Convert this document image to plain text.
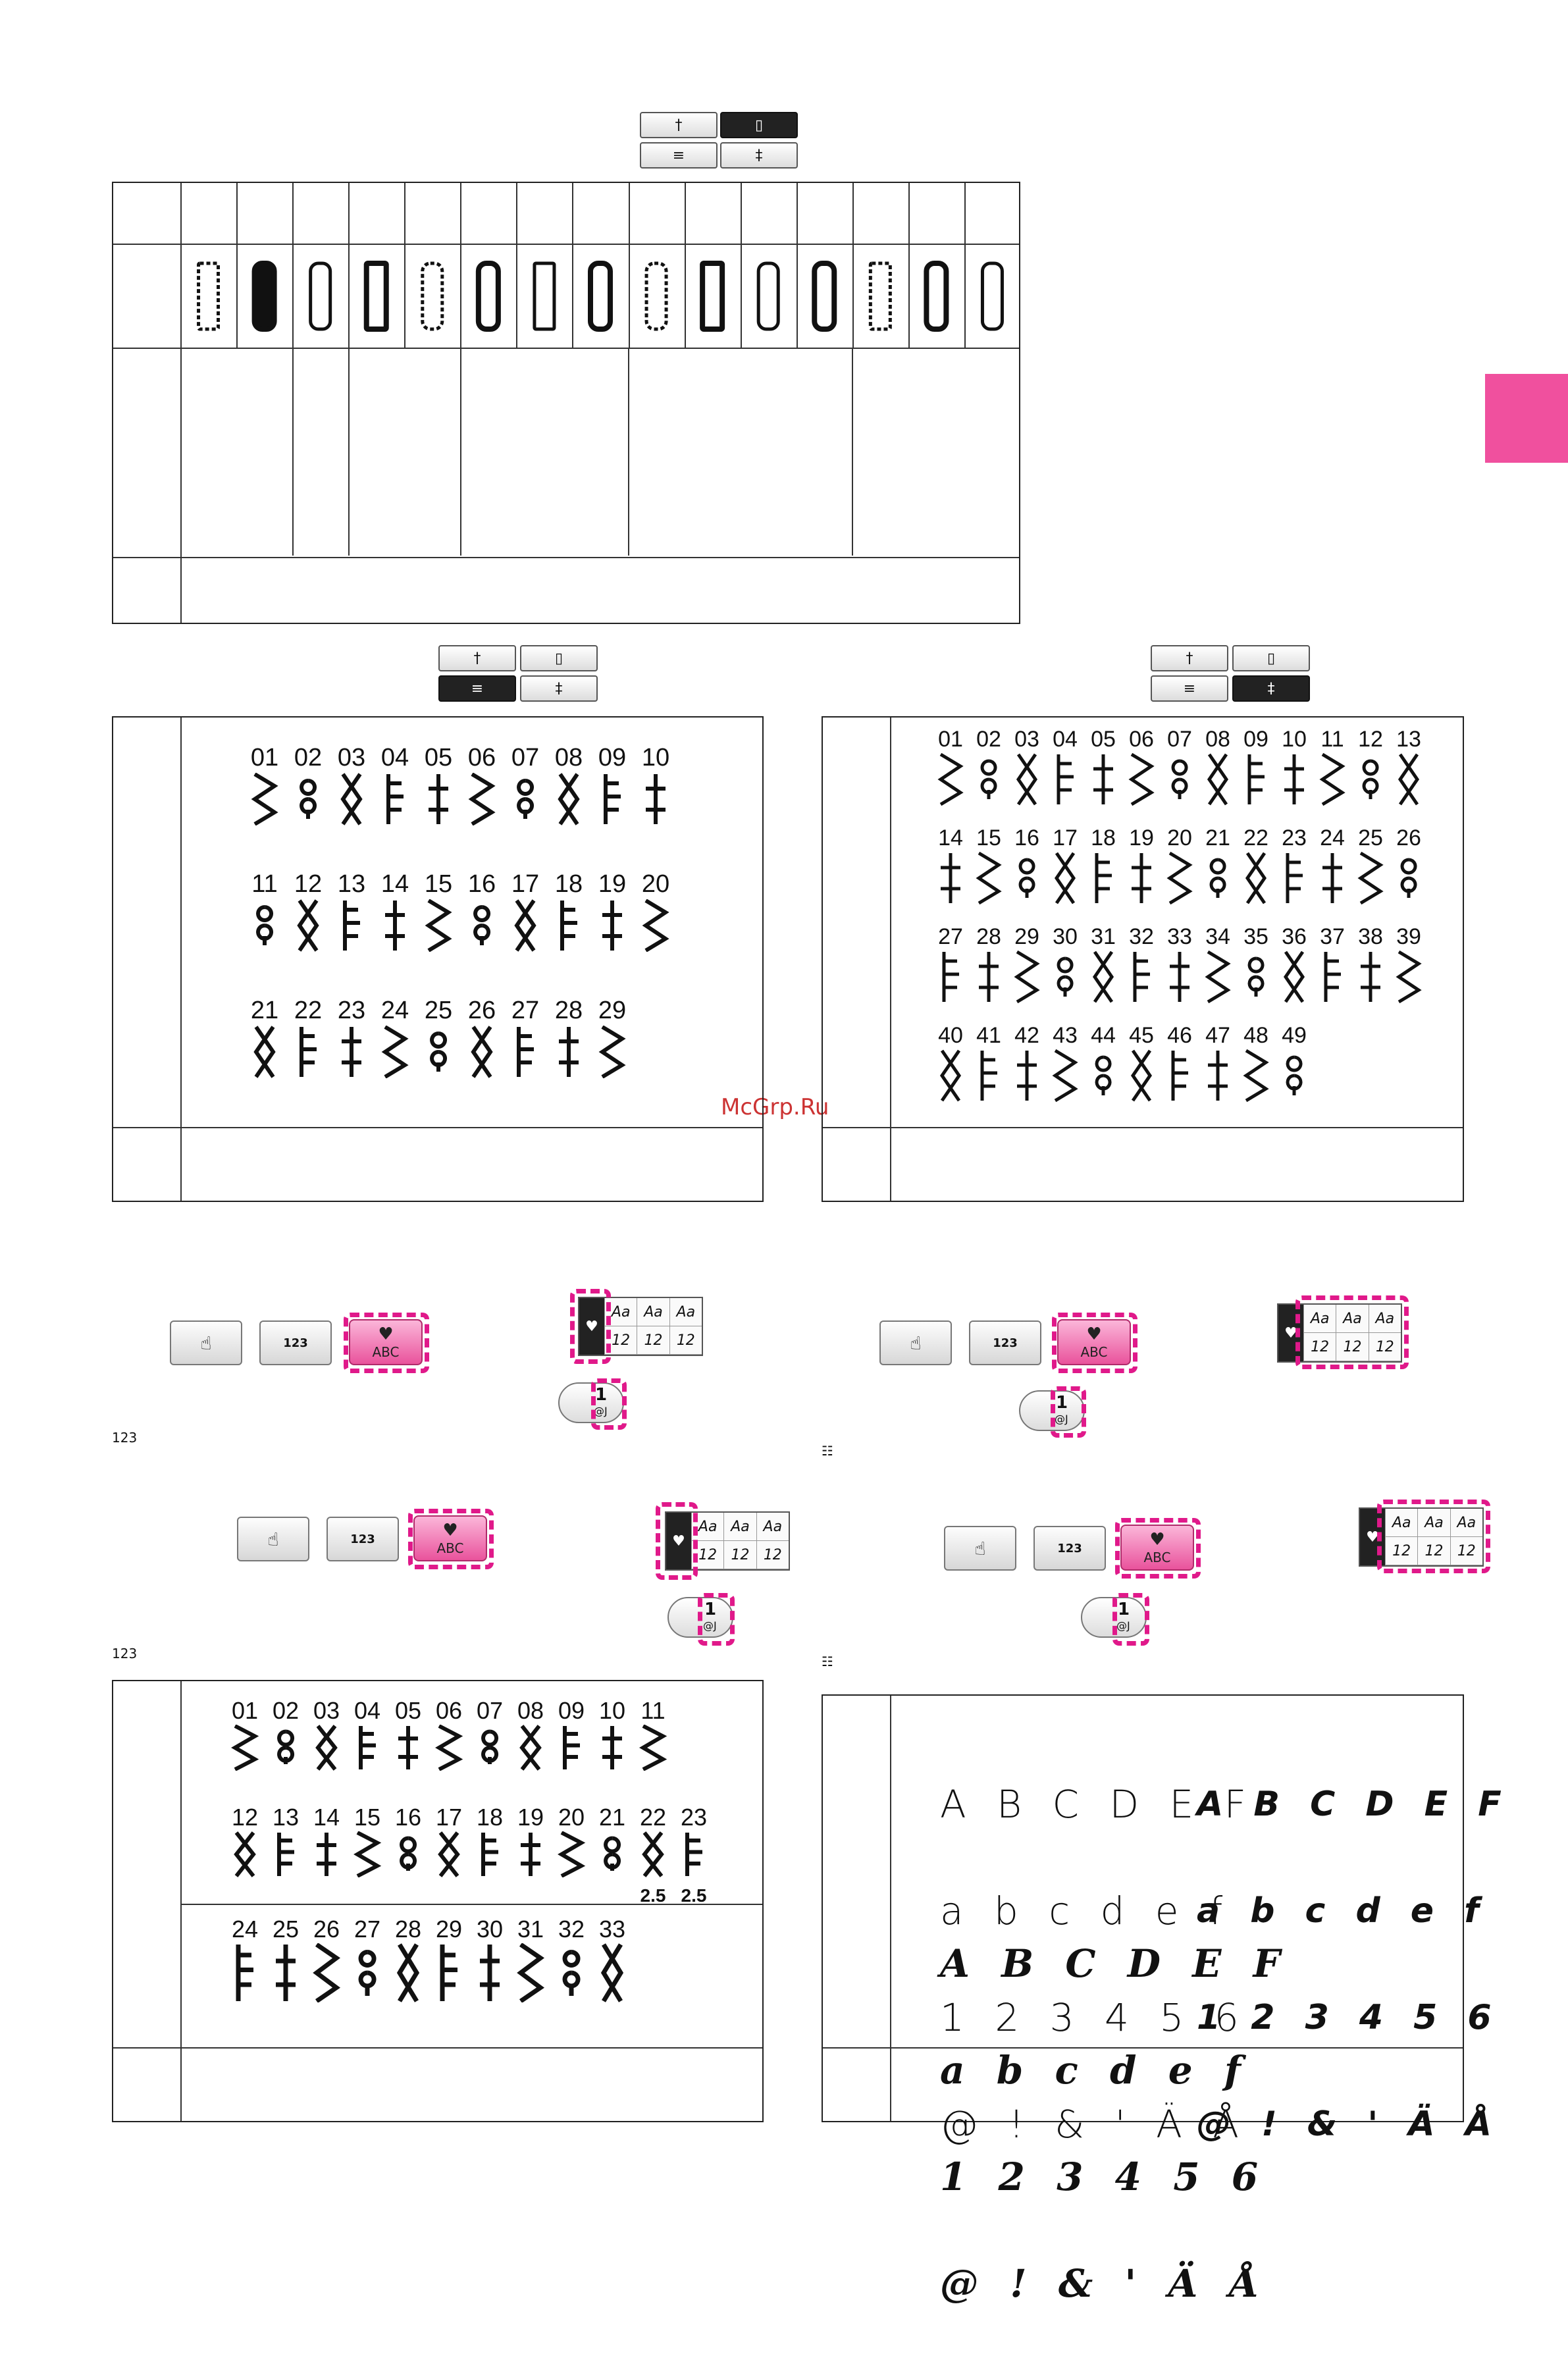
McGrp.Ru
†	▯
≡	‡
†	▯
≡	‡
†	▯
≡	‡
01 02 03 04 05 06 07 08 09 10
11 12 13 14 15 16 17 18 19 20
21 22 23 24 25 26 27 28 29
01 02 03 04 05 06 07 08 09 10 11 12 13
14 15 16 17 18 19 20 21 22 23 24 25 26
27 28 29 30 31 32 33 34 35 36 37 38 39
40 41 42 43 44 45 46 47 48 49
☝	123	♥
ABC
♥
Aa Aa Aa
12 12 12
1
@J
123
☝	123	♥
ABC
♥
Aa Aa Aa
12 12 12
1
@J
☷
☝	123	♥
ABC	♥
Aa Aa Aa
12 12 12
1
@J
123
☝	123	♥
ABC
♥
Aa Aa Aa
12 12 12
1
@J
☷
01 02 03 04 05 06 07 08 09 10 11
12 13 14 15 16 17 18 19 20 21 22 23
24 25 26 27 28 29 30 31 32 33
2.5 2.5

A B C D E F

a b c d e f

1 2 3 4 5 6

@ ! & ' Ä Å

A B C D E F

a b c d e f

1 2 3 4 5 6

@ ! & ' Ä Å

A B C D E F

a b c d e f

1 2 3 4 5 6

@ ! & ' Ä Å
